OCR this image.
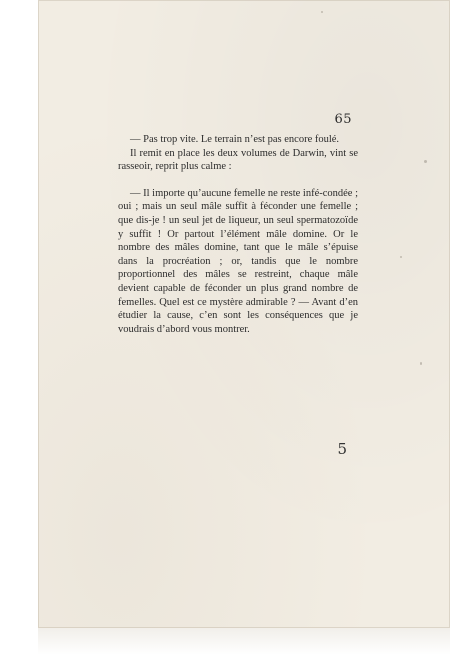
65

— Pas trop vite. Le terrain n’est pas encore foulé.

Il remit en place les deux volumes de Darwin, vint se rasseoir, reprit plus calme :

— Il importe qu’aucune femelle ne reste infé-condée ; oui ; mais un seul mâle suffit à féconder une femelle ; que dis-je ! un seul jet de liqueur, un seul spermatozoïde y suffit ! Or partout l’élément mâle domine. Or le nombre des mâles domine, tant que le mâle s’épuise dans la procréation ; or, tandis que le nombre proportionnel des mâles se restreint, chaque mâle devient capable de féconder un plus grand nombre de femelles. Quel est ce mystère admirable ? — Avant d’en étudier la cause, c’en sont les conséquences que je voudrais d’abord vous montrer.

5
